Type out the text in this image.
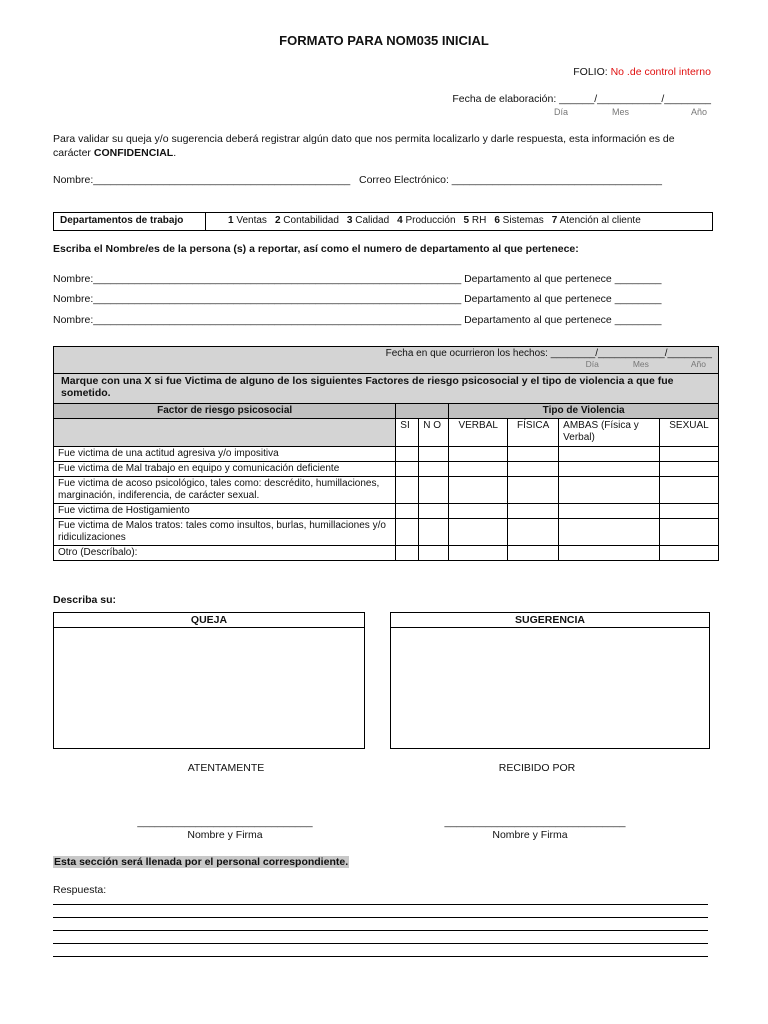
FORMATO PARA NOM035 INICIAL
FOLIO: No .de control interno
Fecha de elaboración: ______/___________/________
Día	Mes	Año
Para validar su queja y/o sugerencia deberá registrar algún dato que nos permita localizarlo y darle respuesta, esta información es de carácter CONFIDENCIAL.
Nombre:____________________________________________ Correo Electrónico: ____________________________________
Departamentos de trabajo	1 Ventas 2 Contabilidad 3 Calidad 4 Producción 5 RH 6 Sistemas 7 Atención al cliente
Escriba el Nombre/es de la persona (s) a reportar, así como el numero de departamento al que pertenece:
Nombre:_______________________________________________________________ Departamento al que pertenece ________
Nombre:_______________________________________________________________ Departamento al que pertenece ________
Nombre:_______________________________________________________________ Departamento al que pertenece ________
Fecha en que ocurrieron los hechos: ________/____________/________
Día Mes Año						

Marque con una X si fue Victima de alguno de los siguientes Factores de riesgo psicosocial y el tipo de violencia a que fue sometido.						
Factor de riesgo psicosocial			Tipo de Violencia			
	SI	N O	VERBAL	FÍSICA	AMBAS (Física y Verbal)	SEXUAL
Fue victima de una actitud agresiva y/o impositiva						
Fue victima de Mal trabajo en equipo y comunicación deficiente						
Fue victima de acoso psicológico, tales como: descrédito, humillaciones, marginación, indiferencia, de carácter sexual.						
Fue victima de Hostigamiento						
Fue victima de Malos tratos: tales como insultos, burlas, humillaciones y/o ridiculizaciones						
Otro (Descríbalo):						
Describa su:
QUEJA	SUGERENCIA
ATENTAMENTE	RECIBIDO POR
______________________________
Nombre y Firma
_______________________________
Nombre y Firma
Esta sección será llenada por el personal correspondiente.
Respuesta:
